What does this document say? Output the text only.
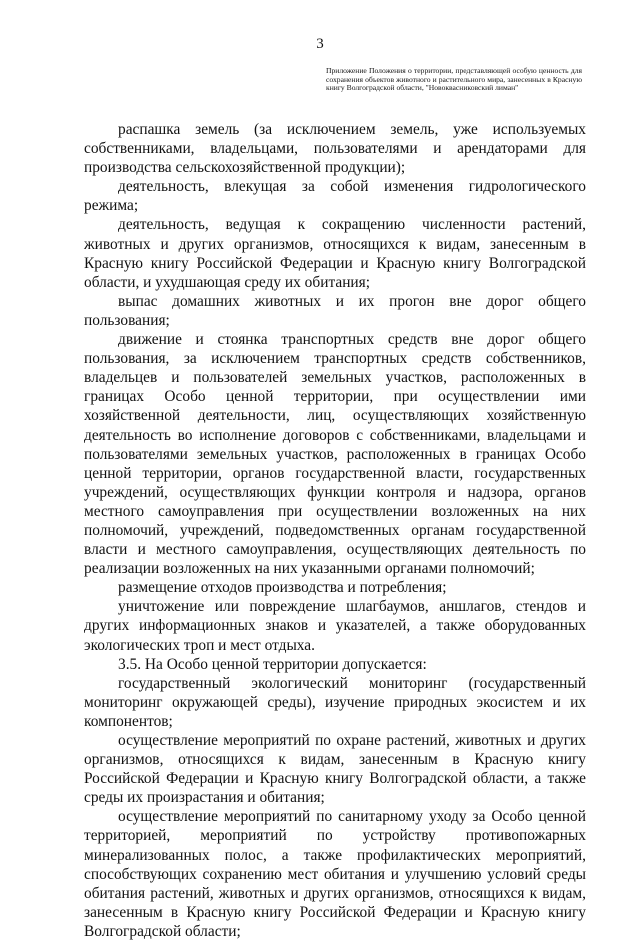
3
Приложение Положения о территории, представляющей особую ценность для сохранения объектов животного и растительного мира, занесенных в Красную книгу Волгоградской области, "Новоквасниковский лиман"

распашка земель (за исключением земель, уже используемых собственниками, владельцами, пользователями и арендаторами для производства сельскохозяйственной продукции);

деятельность, влекущая за собой изменения гидрологического режима;

деятельность, ведущая к сокращению численности растений, животных и других организмов, относящихся к видам, занесенным в Красную книгу Российской Федерации и Красную книгу Волгоградской области, и ухудшающая среду их обитания;

выпас домашних животных и их прогон вне дорог общего пользования;

движение и стоянка транспортных средств вне дорог общего пользования, за исключением транспортных средств собственников, владельцев и пользователей земельных участков, расположенных в границах Особо ценной территории, при осуществлении ими хозяйственной деятельности, лиц, осуществляющих хозяйственную деятельность во исполнение договоров с собственниками, владельцами и пользователями земельных участков, расположенных в границах Особо ценной территории, органов государственной власти, государственных учреждений, осуществляющих функции контроля и надзора, органов местного самоуправления при осуществлении возложенных на них полномочий, учреждений, подведомственных органам государственной власти и местного самоуправления, осуществляющих деятельность по реализации возложенных на них указанными органами полномочий;

размещение отходов производства и потребления;

уничтожение или повреждение шлагбаумов, аншлагов, стендов и других информационных знаков и указателей, а также оборудованных экологических троп и мест отдыха.

3.5. На Особо ценной территории допускается:

государственный экологический мониторинг (государственный мониторинг окружающей среды), изучение природных экосистем и их компонентов;

осуществление мероприятий по охране растений, животных и других организмов, относящихся к видам, занесенным в Красную книгу Российской Федерации и Красную книгу Волгоградской области, а также среды их произрастания и обитания;

осуществление мероприятий по санитарному уходу за Особо ценной территорией, мероприятий по устройству противопожарных минерализованных полос, а также профилактических мероприятий, способствующих сохранению мест обитания и улучшению условий среды обитания растений, животных и других организмов, относящихся к видам, занесенным в Красную книгу Российской Федерации и Красную книгу Волгоградской области;
